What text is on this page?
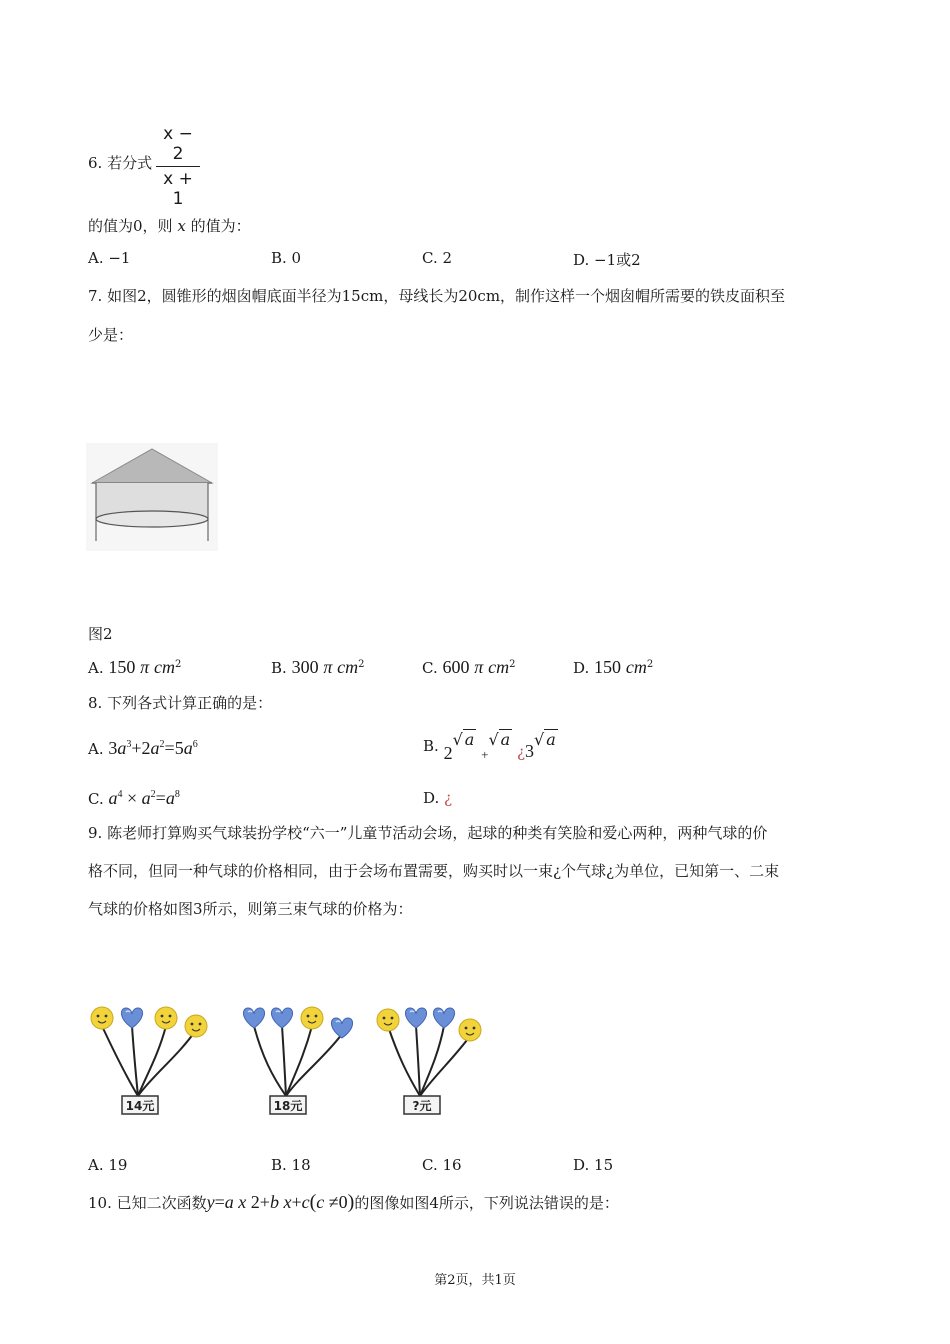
x − 2
x + 1
6. 若分式
的值为0，则 x 的值为：
A. −1	B. 0	C. 2	D. −1或2
7. 如图2，圆锥形的烟囱帽底面半径为15cm，母线长为20cm，制作这样一个烟囱帽所需要的铁皮面积至
少是：
图2
A. 150 π $cm^2$	B. 300 π $cm^2$	C. 600 π $cm^2$	D. 150 $cm^2$
8. 下列各式计算正确的是：
A. $3a^3+2a^2=5a^6$	B. 2√ a +√ a ¿3√ a
C. $a^4 \times a^2=a^8$	D. ¿
9. 陈老师打算购买气球装扮学校“六一”儿童节活动会场，起球的种类有笑脸和爱心两种，两种气球的价
格不同，但同一种气球的价格相同，由于会场布置需要，购买时以一束¿个气球¿为单位，已知第一、二束
气球的价格如图3所示，则第三束气球的价格为：
14元	18元	?元
A. 19	B. 18	C. 16	D. 15
10. 已知二次函数y=a x 2+b x+c(c ≠0)的图像如图4所示，下列说法错误的是：
第2页，共1页
